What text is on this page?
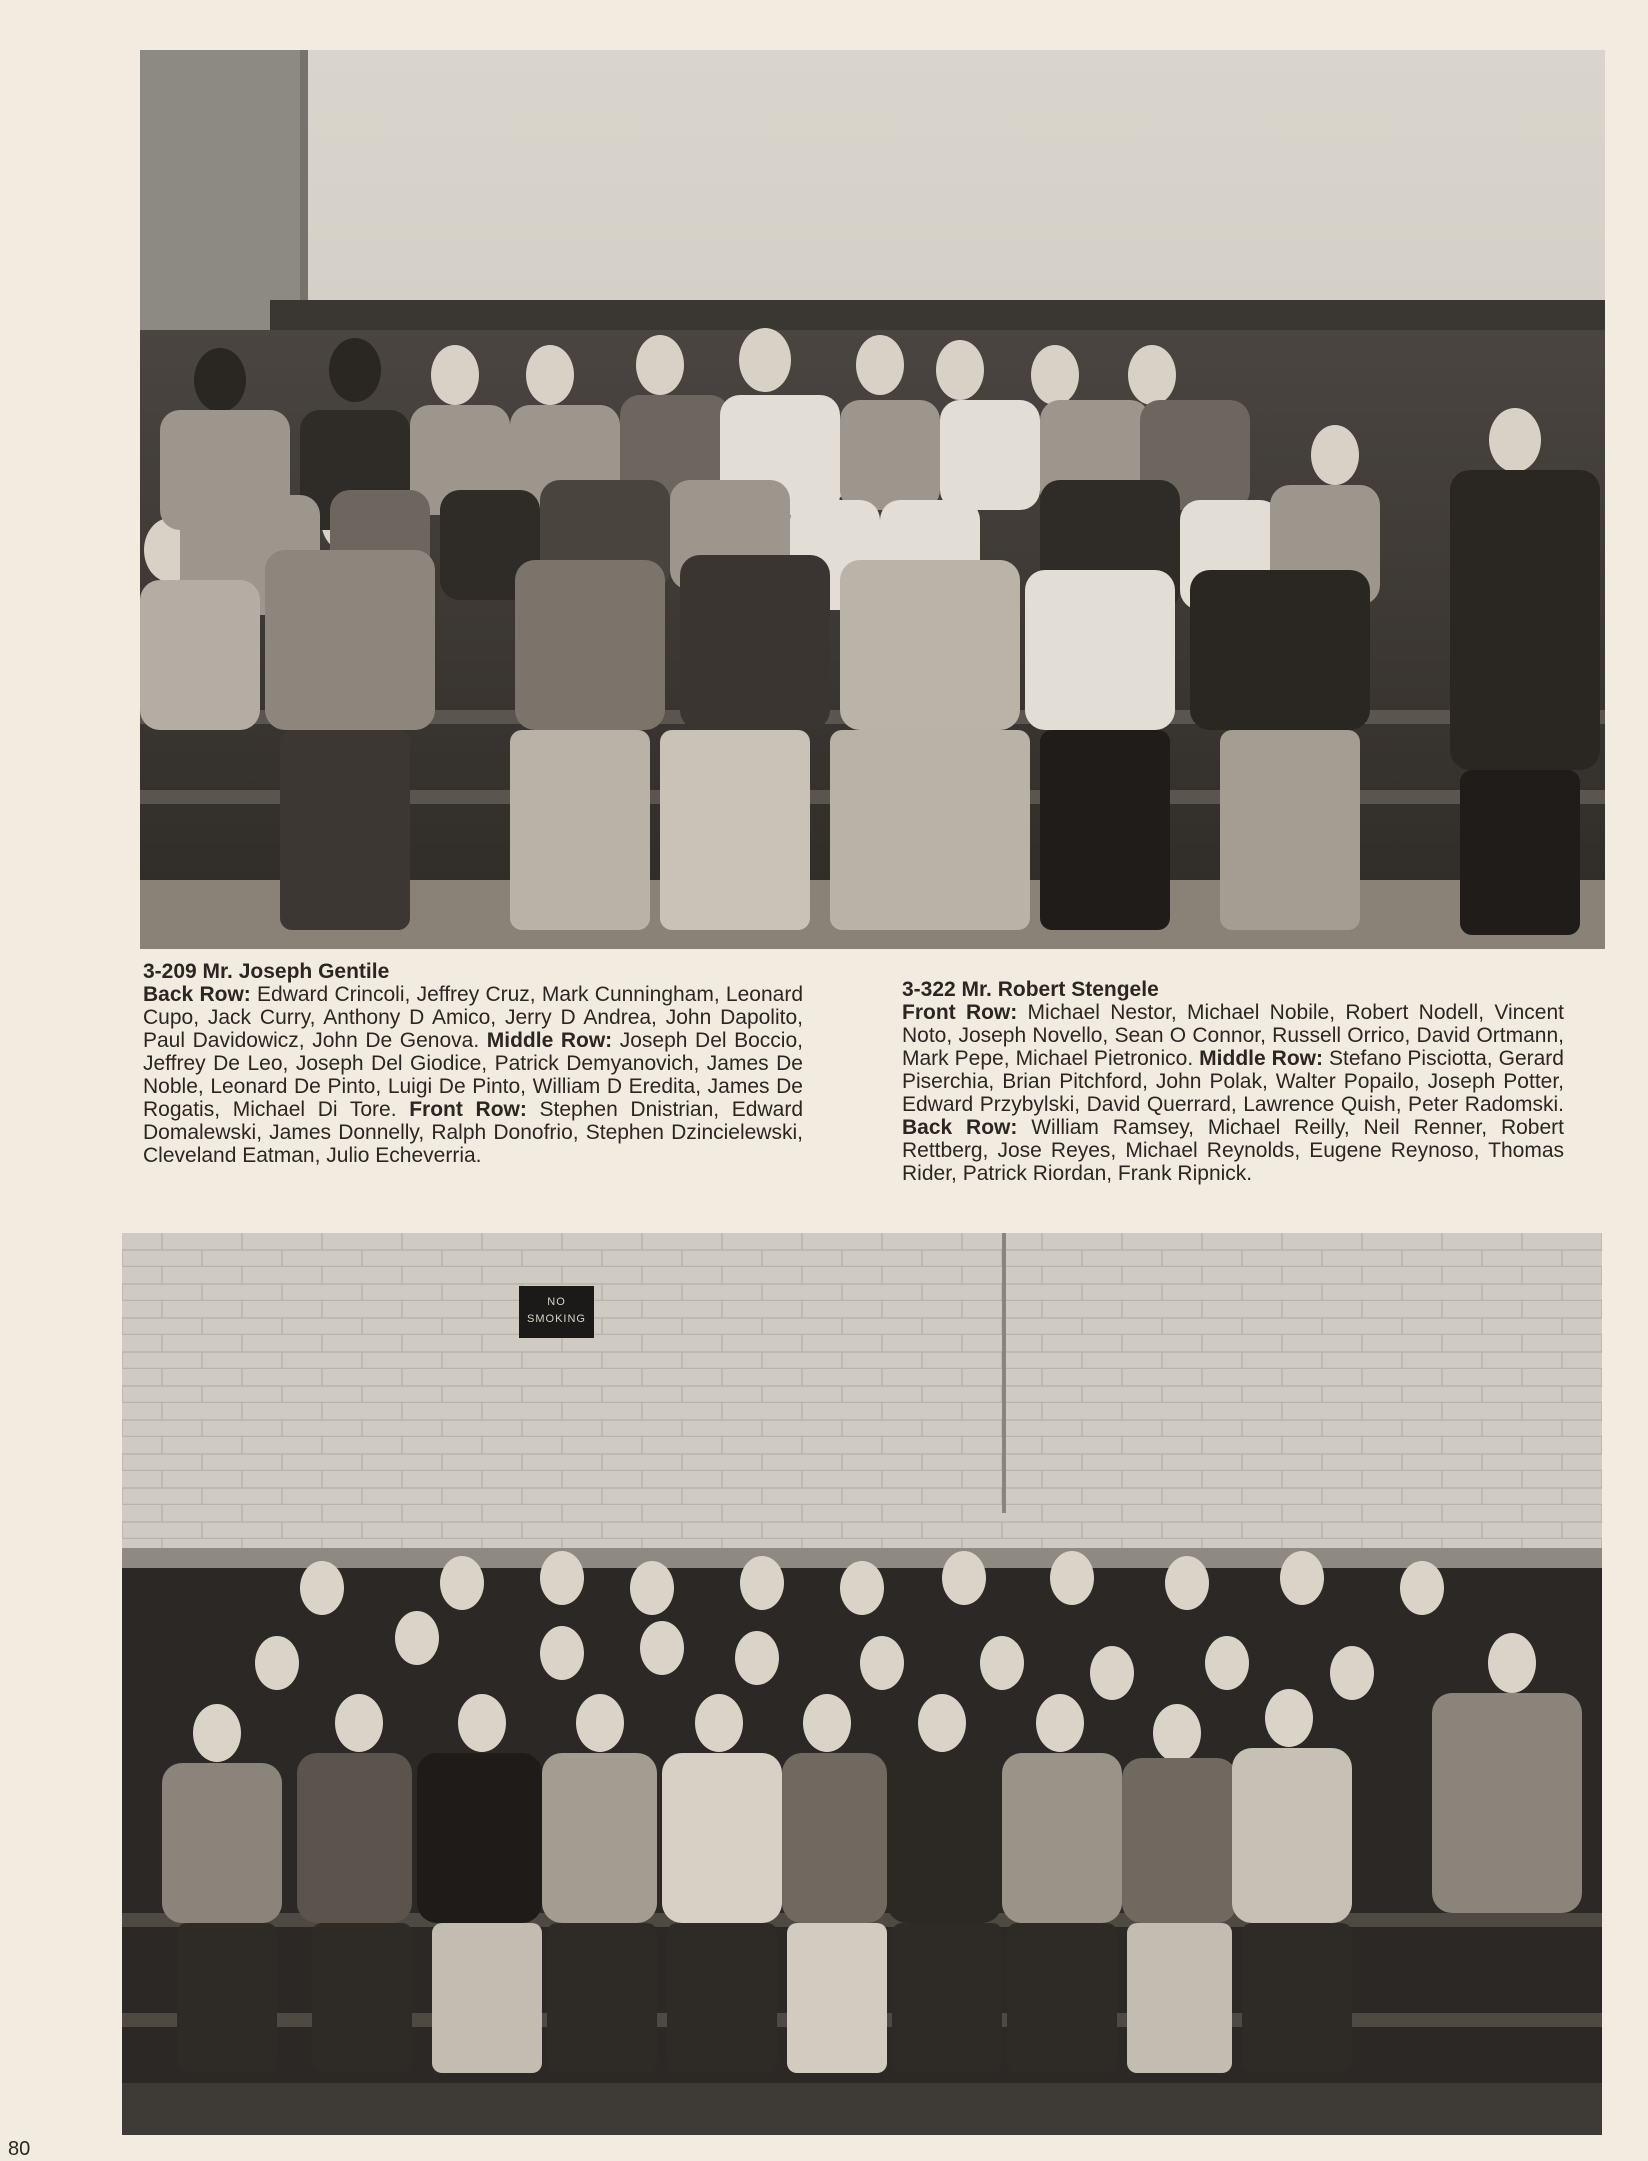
3-209 Mr. Joseph Gentile
Back Row: Edward Crincoli, Jeffrey Cruz, Mark Cunningham, Leonard Cupo, Jack Curry, Anthony D Amico, Jerry D Andrea, John Dapolito, Paul Davidowicz, John De Genova. Middle Row: Joseph Del Boccio, Jeffrey De Leo, Joseph Del Giodice, Patrick Demyanovich, James De Noble, Leonard De Pinto, Luigi De Pinto, William D Eredita, James De Rogatis, Michael Di Tore. Front Row: Stephen Dnistrian, Edward Domalewski, James Donnelly, Ralph Donofrio, Stephen Dzincielewski, Cleveland Eatman, Julio Echeverria.
3-322 Mr. Robert Stengele
Front Row: Michael Nestor, Michael Nobile, Robert Nodell, Vincent Noto, Joseph Novello, Sean O Connor, Russell Orrico, David Ortmann, Mark Pepe, Michael Pietronico. Middle Row: Stefano Pisciotta, Gerard Piserchia, Brian Pitchford, John Polak, Walter Popailo, Joseph Potter, Edward Przybylski, David Querrard, Lawrence Quish, Peter Radomski. Back Row: William Ramsey, Michael Reilly, Neil Renner, Robert Rettberg, Jose Reyes, Michael Reynolds, Eugene Reynoso, Thomas Rider, Patrick Riordan, Frank Ripnick.
NO
SMOKING
80
